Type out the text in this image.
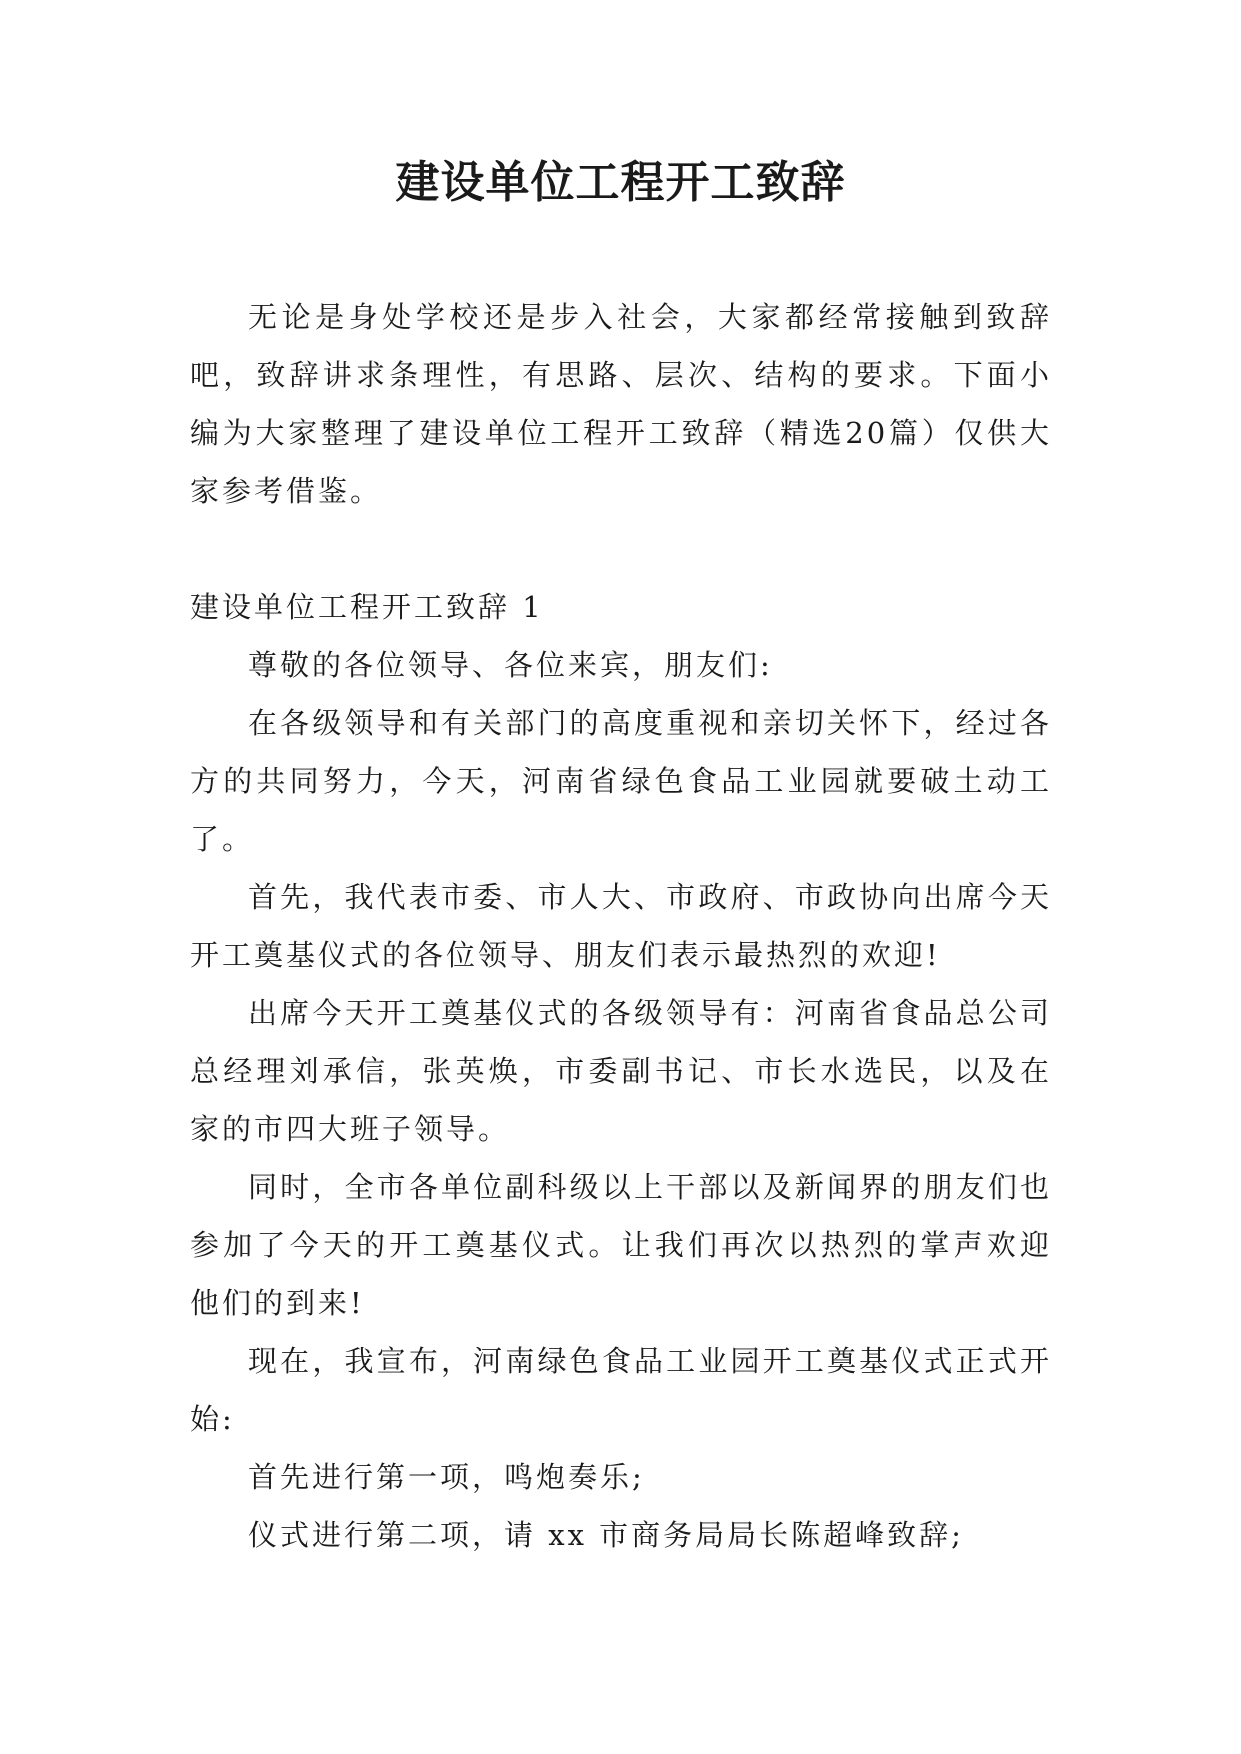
建设单位工程开工致辞

无论是身处学校还是步入社会，大家都经常接触到致辞吧，致辞讲求条理性，有思路、层次、结构的要求。下面小编为大家整理了建设单位工程开工致辞（精选20篇）仅供大家参考借鉴。

建设单位工程开工致辞 1

尊敬的各位领导、各位来宾，朋友们:

在各级领导和有关部门的高度重视和亲切关怀下，经过各方的共同努力，今天，河南省绿色食品工业园就要破土动工了。

首先，我代表市委、市人大、市政府、市政协向出席今天开工奠基仪式的各位领导、朋友们表示最热烈的欢迎!

出席今天开工奠基仪式的各级领导有：河南省食品总公司总经理刘承信，张英焕，市委副书记、市长水选民，以及在家的市四大班子领导。

同时，全市各单位副科级以上干部以及新闻界的朋友们也参加了今天的开工奠基仪式。让我们再次以热烈的掌声欢迎他们的到来!

现在，我宣布，河南绿色食品工业园开工奠基仪式正式开始:

首先进行第一项，鸣炮奏乐;

仪式进行第二项，请 xx 市商务局局长陈超峰致辞;
